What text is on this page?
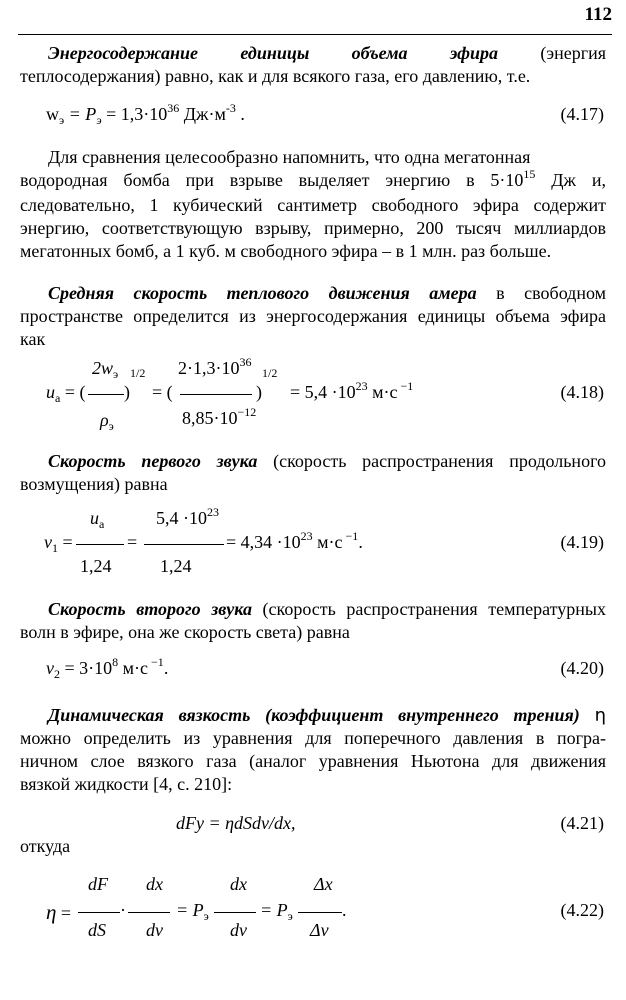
112
Энергосодержание единицы объема эфира (энергия
теплосодержания) равно, как и для всякого газа, его давлению, т.е.
$w_э = P_э = 1,3\cdot 10^{36}$ $Дж\cdot м^{-3}$ .	(4.17)
Для сравнения целесообразно напомнить, что одна мегатонная
водородная бомба при взрыве выделяет энергию в $5\cdot 10^{15}$ Дж и,
следовательно, 1 кубический сантиметр свободного эфира содержит
энергию, соответствующую взрыву, примерно, 200 тысяч миллиардов
мегатонных бомб, а 1 куб. м свободного эфира – в 1 млн. раз больше.
Средняя скорость теплового движения амера в свободном
пространстве определится из энергосодержания единицы объема эфира
как
$2w_э$ 1/2
$u_a$ = ( )
$\rho_э$
= (
$2\cdot 1,3\cdot 10^{36}$
1/2
)
$8,85\cdot 10^{-12}$
= $5,4 \cdot 10^{23}$ м·с $^{-1}$	(4.18)
Скорость первого звука (скорость распространения продольного
возмущения) равна
$u_a$
$v_1$ =
1,24
=
$5,4 \cdot 10^{23}$
1,24
= $4,34 \cdot 10^{23}$ м·с $^{-1}$.	(4.19)
Скорость второго звука (скорость распространения температурных
волн в эфире, она же скорость света) равна
$v_2 = 3\cdot 10^8$ м·с $^{-1}$.	(4.20)
Динамическая вязкость (коэффициент внутреннего трения) η
можно определить из уравнения для поперечного давления в погра-
ничном слое вязкого газа (аналог уравнения Ньютона для движения
вязкой жидкости [4, с. 210]:
dFy = ηdSdv/dx,	(4.21)
откуда
dF dx	dx	Δx
η =	·	= $P_э$	= $P_э$	.
dS dv	dv	Δv
(4.22)
